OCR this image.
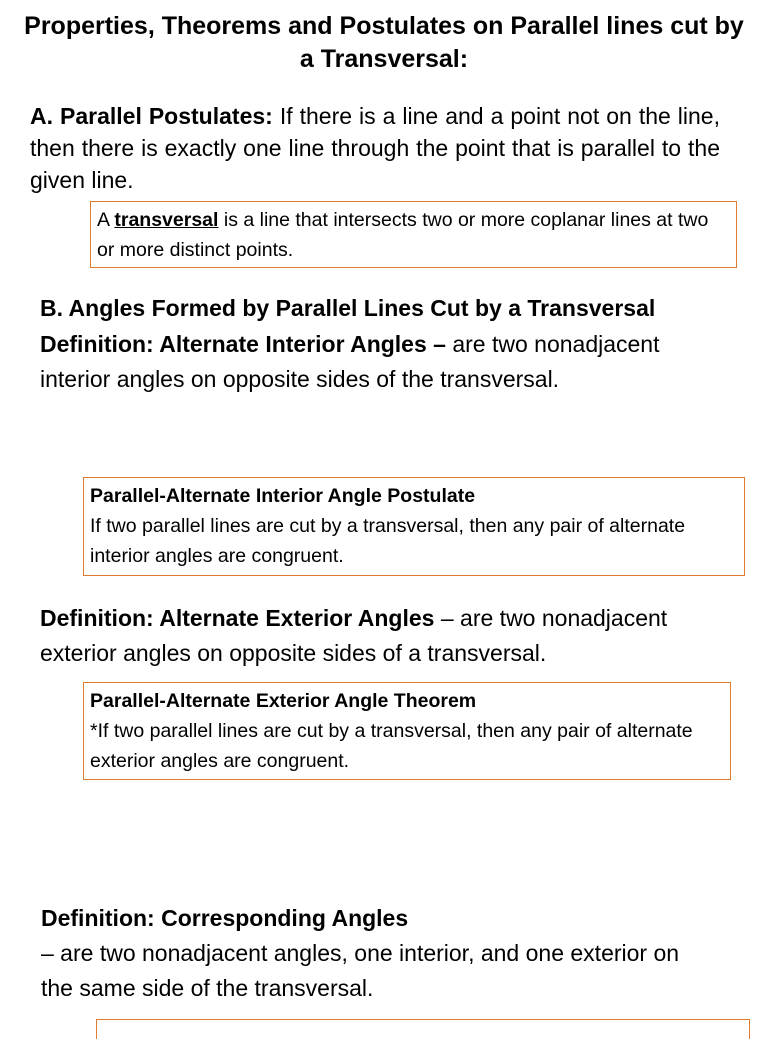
Properties, Theorems and Postulates on Parallel lines cut by a Transversal:
A. Parallel Postulates: If there is a line and a point not on the line, then there is exactly one line through the point that is parallel to the given line.
A transversal is a line that intersects two or more coplanar lines at two or more distinct points.
B. Angles Formed by Parallel Lines Cut by a Transversal
Definition: Alternate Interior Angles – are two nonadjacent interior angles on opposite sides of the transversal.
Parallel-Alternate Interior Angle Postulate
If two parallel lines are cut by a transversal, then any pair of alternate interior angles are congruent.
Definition: Alternate Exterior Angles – are two nonadjacent exterior angles on opposite sides of a transversal.
Parallel-Alternate Exterior Angle Theorem
*If two parallel lines are cut by a transversal, then any pair of alternate exterior angles are congruent.
Definition: Corresponding Angles
– are two nonadjacent angles, one interior, and one exterior on the same side of the transversal.
